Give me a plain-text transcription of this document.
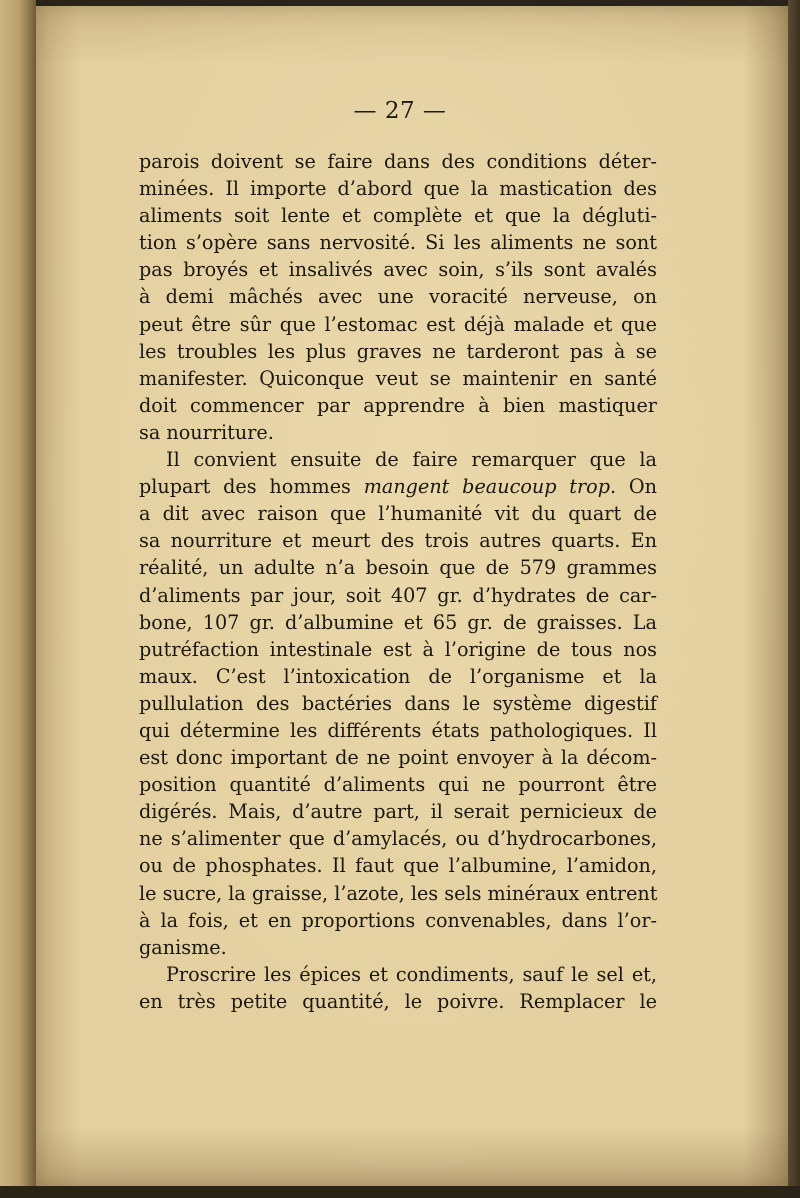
— 27 —
parois doivent se faire dans des conditions déter-
minées. Il importe d’abord que la mastication des
aliments soit lente et complète et que la dégluti-
tion s’opère sans nervosité. Si les aliments ne sont
pas broyés et insalivés avec soin, s’ils sont avalés
à demi mâchés avec une voracité nerveuse, on
peut être sûr que l’estomac est déjà malade et que
les troubles les plus graves ne tarderont pas à se
manifester. Quiconque veut se maintenir en santé
doit commencer par apprendre à bien mastiquer
sa nourriture.
Il convient ensuite de faire remarquer que la
plupart des hommes mangent beaucoup trop. On
a dit avec raison que l’humanité vit du quart de
sa nourriture et meurt des trois autres quarts. En
réalité, un adulte n’a besoin que de 579 grammes
d’aliments par jour, soit 407 gr. d’hydrates de car-
bone, 107 gr. d’albumine et 65 gr. de graisses. La
putréfaction intestinale est à l’origine de tous nos
maux. C’est l’intoxication de l’organisme et la
pullulation des bactéries dans le système digestif
qui détermine les différents états pathologiques. Il
est donc important de ne point envoyer à la décom-
position quantité d’aliments qui ne pourront être
digérés. Mais, d’autre part, il serait pernicieux de
ne s’alimenter que d’amylacés, ou d’hydrocarbones,
ou de phosphates. Il faut que l’albumine, l’amidon,
le sucre, la graisse, l’azote, les sels minéraux entrent
à la fois, et en proportions convenables, dans l’or-
ganisme.
Proscrire les épices et condiments, sauf le sel et,
en très petite quantité, le poivre. Remplacer le
